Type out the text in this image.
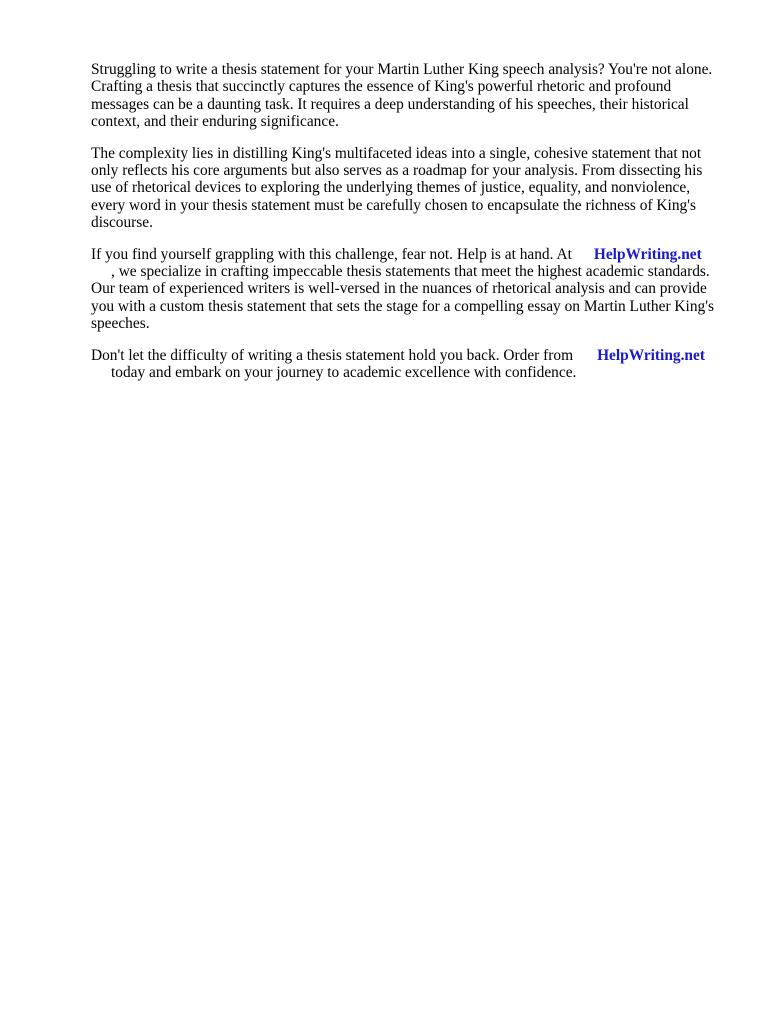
Struggling to write a thesis statement for your Martin Luther King speech analysis? You're not alone.
Crafting a thesis that succinctly captures the essence of King's powerful rhetoric and profound
messages can be a daunting task. It requires a deep understanding of his speeches, their historical
context, and their enduring significance.

The complexity lies in distilling King's multifaceted ideas into a single, cohesive statement that not
only reflects his core arguments but also serves as a roadmap for your analysis. From dissecting his
use of rhetorical devices to exploring the underlying themes of justice, equality, and nonviolence,
every word in your thesis statement must be carefully chosen to encapsulate the richness of King's
discourse.

If you find yourself grappling with this challenge, fear not. Help is at hand. At HelpWriting.net
, we specialize in crafting impeccable thesis statements that meet the highest academic standards.
Our team of experienced writers is well-versed in the nuances of rhetorical analysis and can provide
you with a custom thesis statement that sets the stage for a compelling essay on Martin Luther King's
speeches.

Don't let the difficulty of writing a thesis statement hold you back. Order from HelpWriting.net
today and embark on your journey to academic excellence with confidence.
